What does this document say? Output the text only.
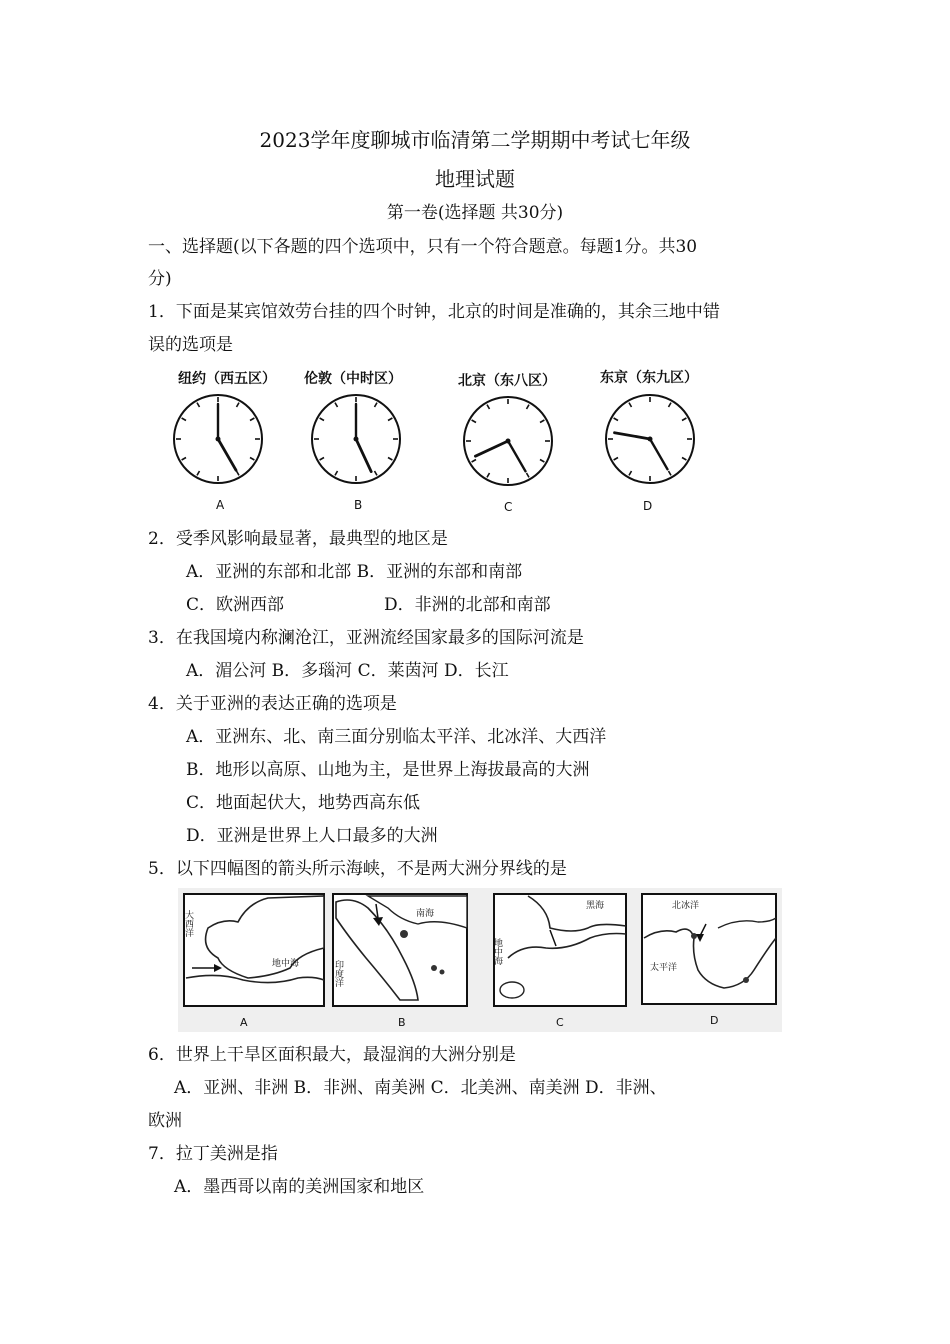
2023学年度聊城市临清第二学期期中考试七年级
地理试题
第一卷(选择题 共30分)
一、选择题(以下各题的四个选项中，只有一个符合题意。每题1分。共30
分)
1．下面是某宾馆效劳台挂的四个时钟，北京的时间是准确的，其余三地中错
误的选项是
纽约（西五区） 伦敦（中时区）	北京（东八区）	东京（东九区）
A	B	C	D
2．受季风影响最显著，最典型的地区是
A．亚洲的东部和北部 B．亚洲的东部和南部
C．欧洲西部	D．非洲的北部和南部
3．在我国境内称澜沧江，亚洲流经国家最多的国际河流是
A．湄公河 B．多瑙河 C．莱茵河 D．长江
4．关于亚洲的表达正确的选项是
A．亚洲东、北、南三面分别临太平洋、北冰洋、大西洋
B．地形以高原、山地为主，是世界上海拔最高的大洲
C．地面起伏大，地势西高东低
D．亚洲是世界上人口最多的大洲
5．以下四幅图的箭头所示海峡，不是两大洲分界线的是
大西洋
地中海
A
南海
印度洋
B
黑海
地中海
C
北冰洋
太平洋
D
6．世界上干旱区面积最大，最湿润的大洲分别是
A．亚洲、非洲 B．非洲、南美洲 C．北美洲、南美洲 D．非洲、
欧洲
7．拉丁美洲是指
A．墨西哥以南的美洲国家和地区
